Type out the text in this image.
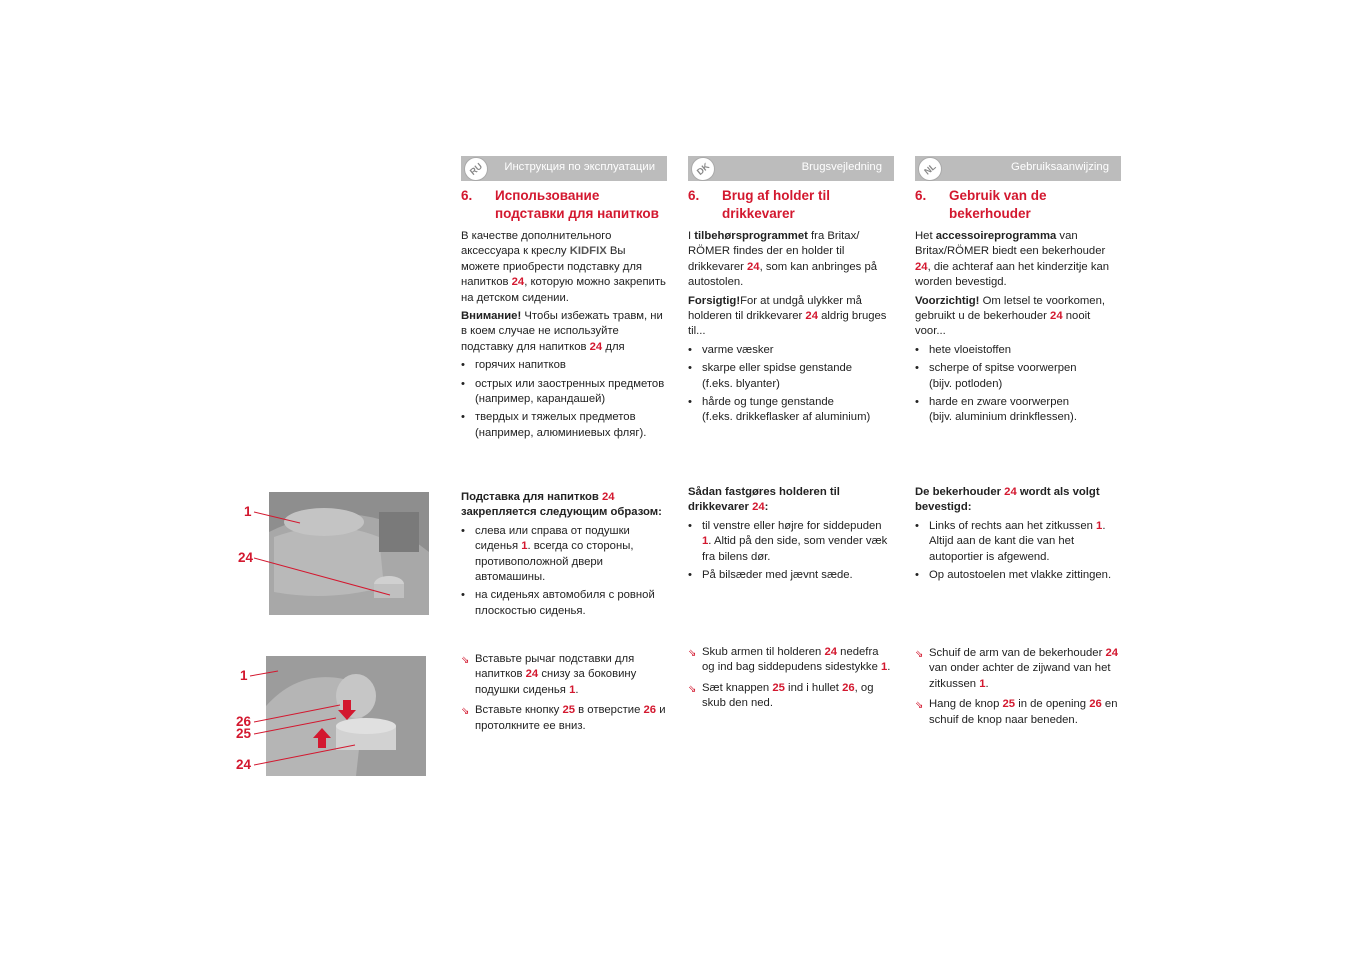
1
24
1
26
25
24
RU	Инструкция по эксплуатации
6. Использование подставки для напитков

В качестве дополнительного аксессуара к креслу KIDFIX Вы можете приобрести подставку для напитков 24, которую можно закрепить на детском сидении.

Внимание! Чтобы избежать травм, ни в коем случае не используйте подставку для напитков 24 для

• горячих напитков
• острых или заостренных предметов
(например, карандашей)
• твердых и тяжелых предметов (например, алюминиевых фляг).

Подставка для напитков 24 закрепляется следующим образом:

• слева или справа от подушки сиденья 1. всегда со стороны, противоположной двери автомашины.
• на сиденьях автомобиля с ровной плоскостью сиденья.
⇘ Вставьте рычаг подставки для напитков 24 снизу за боковину подушки сиденья 1.
⇘ Вставьте кнопку 25 в отверстие 26 и протолкните ее вниз.
DK	Brugsvejledning
6. Brug af holder til drikkevarer

I tilbehørsprogrammet fra Britax/ RÖMER findes der en holder til drikkevarer 24, som kan anbringes på autostolen.

Forsigtig!For at undgå ulykker må holderen til drikkevarer 24 aldrig bruges til...

• varme væsker
• skarpe eller spidse genstande
(f.eks. blyanter)
• hårde og tunge genstande
(f.eks. drikkeflasker af aluminium)

Sådan fastgøres holderen til drikkevarer 24:

• til venstre eller højre for siddepuden 1. Altid på den side, som vender væk fra bilens dør.
• På bilsæder med jævnt sæde.
⇘ Skub armen til holderen 24 nedefra og ind bag siddepudens sidestykke 1.
⇘ Sæt knappen 25 ind i hullet 26, og skub den ned.
NL	Gebruiksaanwijzing
6. Gebruik van de bekerhouder

Het accessoireprogramma van Britax/RÖMER biedt een bekerhouder 24, die achteraf aan het kinderzitje kan worden bevestigd.

Voorzichtig! Om letsel te voorkomen, gebruikt u de bekerhouder 24 nooit voor...

• hete vloeistoffen
• scherpe of spitse voorwerpen
(bijv. potloden)
• harde en zware voorwerpen
(bijv. aluminium drinkflessen).

De bekerhouder 24 wordt als volgt bevestigd:

• Links of rechts aan het zitkussen 1. Altijd aan de kant die van het autoportier is afgewend.
• Op autostoelen met vlakke zittingen.
⇘ Schuif de arm van de bekerhouder 24 van onder achter de zijwand van het zitkussen 1.
⇘ Hang de knop 25 in de opening 26 en schuif de knop naar beneden.
